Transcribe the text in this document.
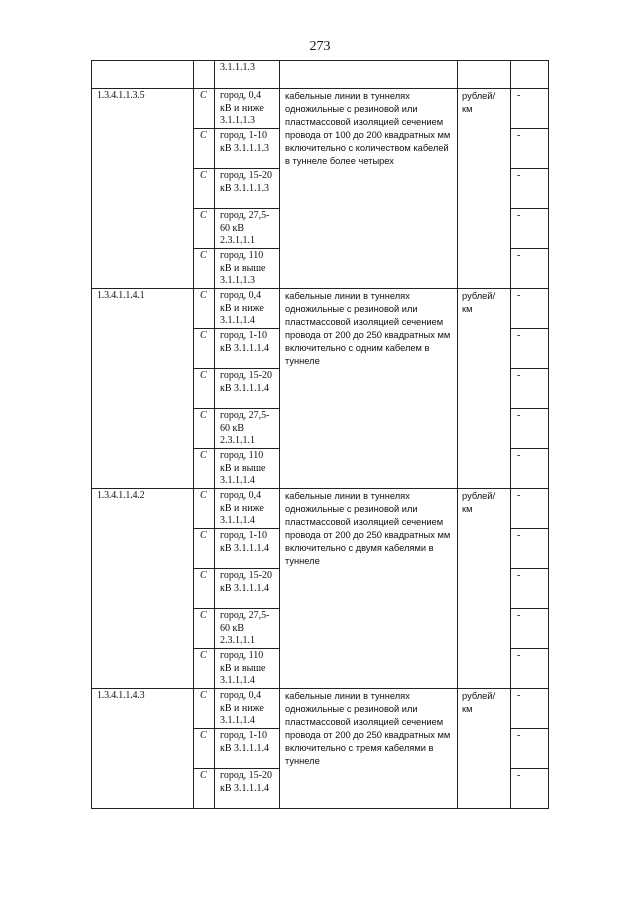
273
		3.1.1.1.3			
1.3.4.1.1.3.5	С	город, 0,4 кВ и ниже 3.1.1.1.3	кабельные линии в туннелях одножильные с резиновой или пластмассовой изоляцией сечением провода от 100 до 200 квадратных мм включительно с количеством кабелей в туннеле более четырех	рублей/ км	-
	С	город, 1-10 кВ 3.1.1.1.3			-
	С	город, 15-20 кВ 3.1.1.1.3			-
	С	город, 27,5-60 кВ 2.3.1.1.1			-
	С	город, 110 кВ и выше 3.1.1.1.3			-
1.3.4.1.1.4.1	С	город, 0,4 кВ и ниже 3.1.1.1.4	кабельные линии в туннелях одножильные с резиновой или пластмассовой изоляцией сечением провода от 200 до 250 квадратных мм включительно с одним кабелем в туннеле	рублей/ км	-
	С	город, 1-10 кВ 3.1.1.1.4			-
	С	город, 15-20 кВ 3.1.1.1.4			-
	С	город, 27,5-60 кВ 2.3.1.1.1			-
	С	город, 110 кВ и выше 3.1.1.1.4			-
1.3.4.1.1.4.2	С	город, 0,4 кВ и ниже 3.1.1.1.4	кабельные линии в туннелях одножильные с резиновой или пластмассовой изоляцией сечением провода от 200 до 250 квадратных мм включительно с двумя кабелями в туннеле	рублей/ км	-
	С	город, 1-10 кВ 3.1.1.1.4			-
	С	город, 15-20 кВ 3.1.1.1.4			-
	С	город, 27,5-60 кВ 2.3.1.1.1			-
	С	город, 110 кВ и выше 3.1.1.1.4			-
1.3.4.1.1.4.3	С	город, 0,4 кВ и ниже 3.1.1.1.4	кабельные линии в туннелях одножильные с резиновой или пластмассовой изоляцией сечением провода от 200 до 250 квадратных мм включительно с тремя кабелями в туннеле	рублей/ км	-
	С	город, 1-10 кВ 3.1.1.1.4			-
	С	город, 15-20 кВ 3.1.1.1.4			-
